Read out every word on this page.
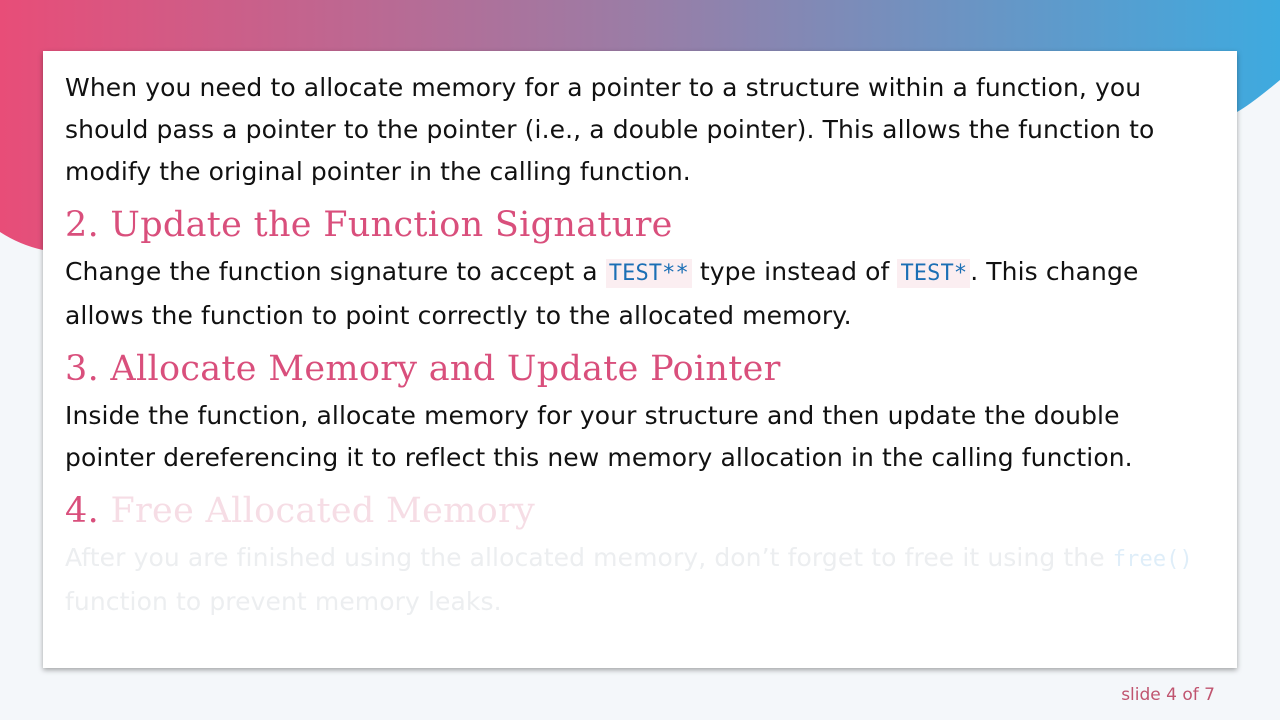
When you need to allocate memory for a pointer to a structure within a function, you should pass a pointer to the pointer (i.e., a double pointer). This allows the function to modify the original pointer in the calling function.

2. Update the Function Signature

Change the function signature to accept a TEST** type instead of TEST* . This change allows the function to point correctly to the allocated memory.

3. Allocate Memory and Update Pointer

Inside the function, allocate memory for your structure and then update the double pointer dereferencing it to reflect this new memory allocation in the calling function.

4. Free Allocated Memory

After you are finished using the allocated memory, don’t forget to free it using the free() function to prevent memory leaks.

slide 4 of 7
